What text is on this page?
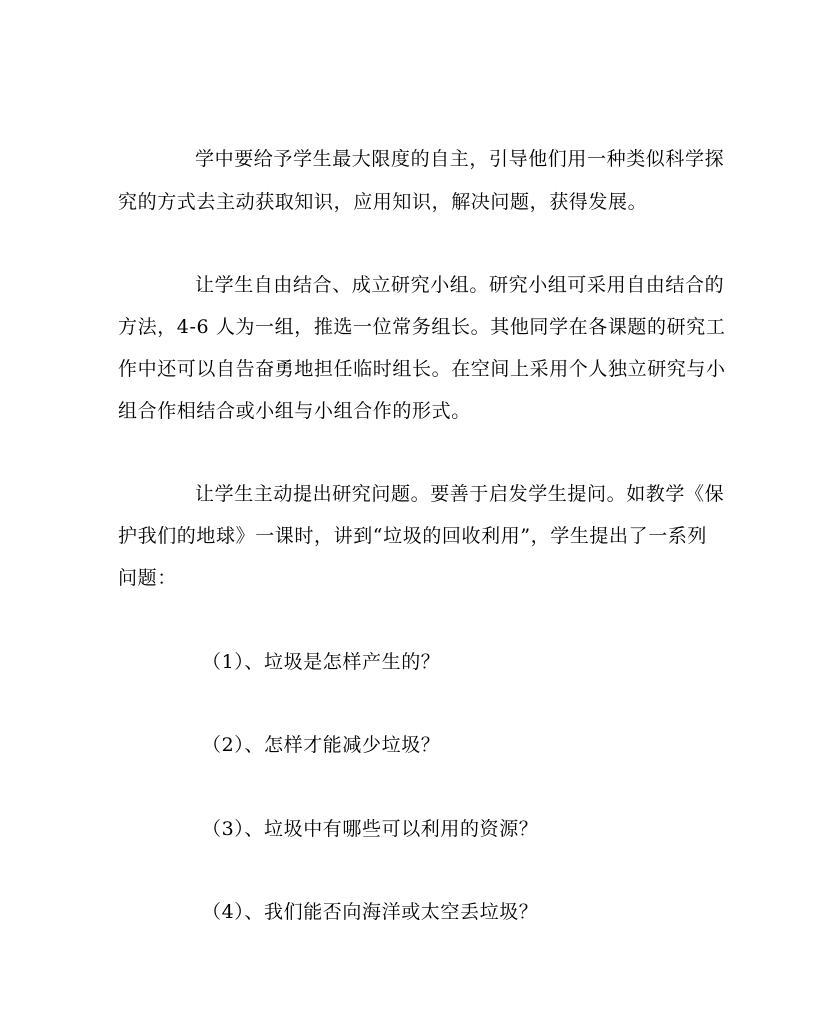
学中要给予学生最大限度的自主，引导他们用一种类似科学探
究的方式去主动获取知识，应用知识，解决问题，获得发展。
让学生自由结合、成立研究小组。研究小组可采用自由结合的
方法，4-6 人为一组，推选一位常务组长。其他同学在各课题的研究工
作中还可以自告奋勇地担任临时组长。在空间上采用个人独立研究与小
组合作相结合或小组与小组合作的形式。
让学生主动提出研究问题。要善于启发学生提问。如教学《保
护我们的地球》一课时，讲到“垃圾的回收利用”，学生提出了一系列
问题：
（1）、垃圾是怎样产生的？
（2）、怎样才能减少垃圾？
（3）、垃圾中有哪些可以利用的资源？
（4）、我们能否向海洋或太空丢垃圾？
